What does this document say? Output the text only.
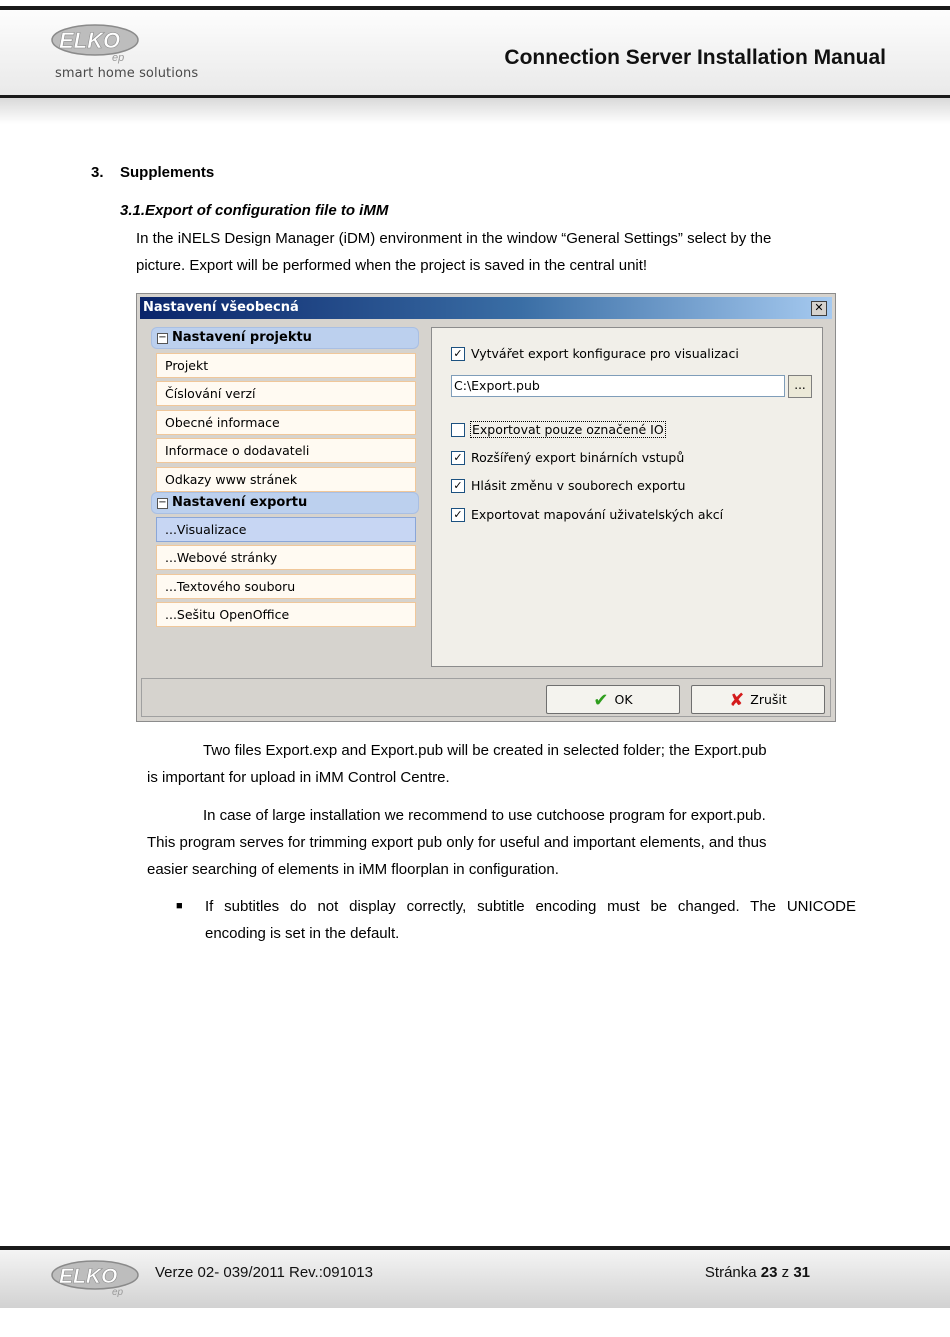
ELKO
ep
smart home solutions
Connection Server Installation Manual
3. Supplements
3.1.Export of configuration file to iMM
In the iNELS Design Manager (iDM) environment in the window “General Settings” select by the
picture. Export will be performed when the project is saved in the central unit!
Nastavení všeobecná	✕
− Nastavení projektu
Projekt
Číslování verzí
Obecné informace
Informace o dodavateli
Odkazy www stránek
− Nastavení exportu
...Visualizace
...Webové stránky
...Textového souboru
...Sešitu OpenOffice
✓ Vytvářet export konfigurace pro visualizaci
C:\Export.pub	...
Exportovat pouze označené IO
✓ Rozšířený export binárních vstupů
✓ Hlásit změnu v souborech exportu
✓ Exportovat mapování uživatelských akcí
✔ OK	✘ Zrušit
Two files Export.exp and Export.pub will be created in selected folder; the Export.pub
is important for upload in iMM Control Centre.
In case of large installation we recommend to use cutchoose program for export.pub.
This program serves for trimming export pub only for useful and important elements, and thus
easier searching of elements in iMM floorplan in configuration.
■ If subtitles do not display correctly, subtitle encoding must be changed. The UNICODE
encoding is set in the default.
ELKO
ep
Verze 02- 039/2011 Rev.:091013	Stránka 23 z 31
